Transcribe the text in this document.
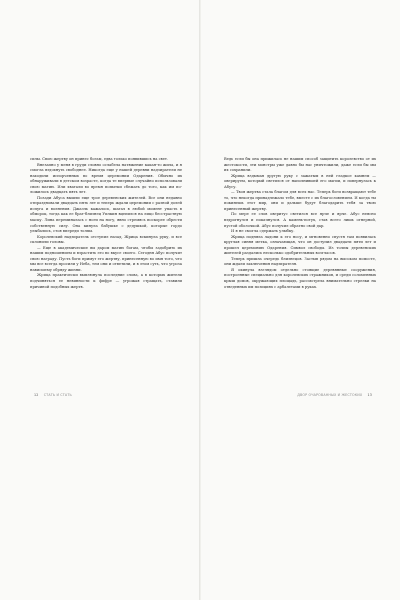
силы. Свою жертву он принес богам, едва только появившись на свет.

Внезапно у меня в груди словно ослабела натяжение какая-то жила, и я смогла вздохнуть свободнее. Никогда еще у нашей деревни надзиратели не находили испорченных во время церемонии Одарения. Обычно их обнаруживали в детском возрасте, когда те впервые случайно использовали свою магию. Или хватали во время попытки сбежать до того, как им положилось двадцать пять лет.

Позади Абуса вышли еще трое деревенских жителей. Все они недавно отпраздновали двадцать пять лет и теперь ждали церемонии с разной долей испуга и волнения. Джаэль кажалось, шагал в любой момент упасть в обморок, тогда как ее брат-близнец Уилкин вцепился на лицо бесстрастную маску. Лина переминалась с ноги на ногу, явно стремясь поскорее обрести собственную силу. Она кинула бабушке с дедушкой, которые гордо улыбались, стоя впереди толпы.

Королевский надзиратель отступил назад, Жрица вскинула руку, и все склонили головы.

— Еще в академические вы даром магию богам, чтобы задобрить их нашим подношением и взрастить его во вкусе своего. Сегодня Абус получит свою награду. Пусть боги примут его жертву, принесенную во имя того, что мы все всегда просили у Неба, тем они и ответили, и в этом суть, что угроза нависшему обряду жизни.

Жрица практически выплюнула последние слова, а в которых жители подчиняться ее невинности к фифре — угрожая стращать, ставили причиной подобных жертв.

Ведь если бы она прижилась не нашим способ защитить королевство от их жестокости, эти монстры уже давно бы нас уничтожили, даже если бы мы их сохранили.

Жрица вздымая другую руку с зажатым в ней гладкое камнем — оверируем, который светился от наполнившей его магии, и повернулась к Абусу.

— Твоя жертва стала благом для всех нас. Теперь боги возвращают тебе то, что некогда принадлежало тебе, вместе с их благословением. И когда ты покинешь этот мир, они и дальше будут благодарить тебя за твою принесенный жертву.

По мере ее слов оверитус светился все ярче и ярче. Абус неясно вздрогнулся и покачнулся. А камень-потух, став всего лишь огнерной, пустой оболочкой. Абус получил обратно свой дар.

И я не смогла сдержать улыбку.

Жрица подняла ладони к его носу, и мгновенно спустя там появилась круглая синяя метка, означающая, что он доступил двадцати пяти лет и прошел церемонию Одарения. Символ свободы. Из толпы деревенских жителей раздались несколько одобрительных возгласов.

Теперь пришла очередь близнецов. Застыв рядом на высоком помосте, они ждали заключения надзирателя.

Я окинула взглядом отдельно стоящие деревянные сооружения, построенные специально для королевских стражников, и среди соломенных крыш домов, окружающих площадь, рассмотрела внимательно стрелки на отведенных им позициях с арбалетами в руках.

12 СТАТЬ И СТАТЬ	ДВОР ОЧАРОВАННЫХ И ЖЕСТОКИХ 13
